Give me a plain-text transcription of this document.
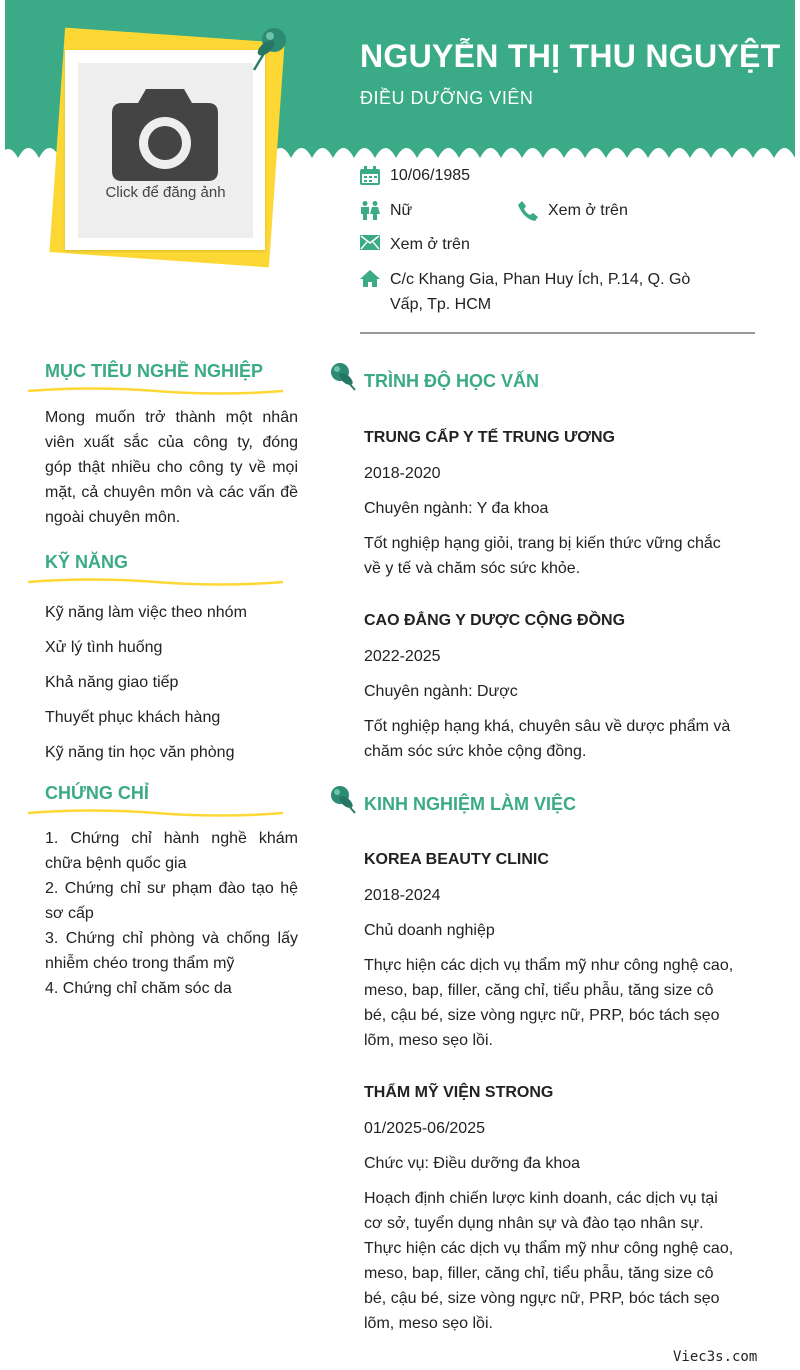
NGUYỄN THỊ THU NGUYỆT
ĐIỀU DƯỠNG VIÊN
Click để đăng ảnh
10/06/1985
Nữ	Xem ở trên
Xem ở trên
C/c Khang Gia, Phan Huy Ích, P.14, Q. Gò
Vấp, Tp. HCM
MỤC TIÊU NGHỀ NGHIỆP
Mong muốn trở thành một nhân viên xuất sắc của công ty, đóng góp thật nhiều cho công ty về mọi mặt, cả chuyên môn và các vấn đề ngoài chuyên môn.
KỸ NĂNG
Kỹ năng làm việc theo nhóm
Xử lý tình huống
Khả năng giao tiếp
Thuyết phục khách hàng
Kỹ năng tin học văn phòng
CHỨNG CHỈ
1. Chứng chỉ hành nghề khám chữa bệnh quốc gia
2. Chứng chỉ sư phạm đào tạo hệ sơ cấp
3. Chứng chỉ phòng và chống lấy nhiễm chéo trong thẩm mỹ
4. Chứng chỉ chăm sóc da
TRÌNH ĐỘ HỌC VẤN
TRUNG CẤP Y TẾ TRUNG ƯƠNG
2018-2020
Chuyên ngành: Y đa khoa
Tốt nghiệp hạng giỏi, trang bị kiến thức vững chắc về y tế và chăm sóc sức khỏe.
CAO ĐẲNG Y DƯỢC CỘNG ĐỒNG
2022-2025
Chuyên ngành: Dược
Tốt nghiệp hạng khá, chuyên sâu về dược phẩm và chăm sóc sức khỏe cộng đồng.
KINH NGHIỆM LÀM VIỆC
KOREA BEAUTY CLINIC
2018-2024
Chủ doanh nghiệp
Thực hiện các dịch vụ thẩm mỹ như công nghệ cao, meso, bap, filler, căng chỉ, tiểu phẫu, tăng size cô bé, cậu bé, size vòng ngực nữ, PRP, bóc tách sẹo lõm, meso sẹo lồi.
THẨM MỸ VIỆN STRONG
01/2025-06/2025
Chức vụ: Điều dưỡng đa khoa
Hoạch định chiến lược kinh doanh, các dịch vụ tại cơ sở, tuyển dụng nhân sự và đào tạo nhân sự. Thực hiện các dịch vụ thẩm mỹ như công nghệ cao, meso, bap, filler, căng chỉ, tiểu phẫu, tăng size cô bé, cậu bé, size vòng ngực nữ, PRP, bóc tách sẹo lõm, meso sẹo lồi.
Viec3s.com
